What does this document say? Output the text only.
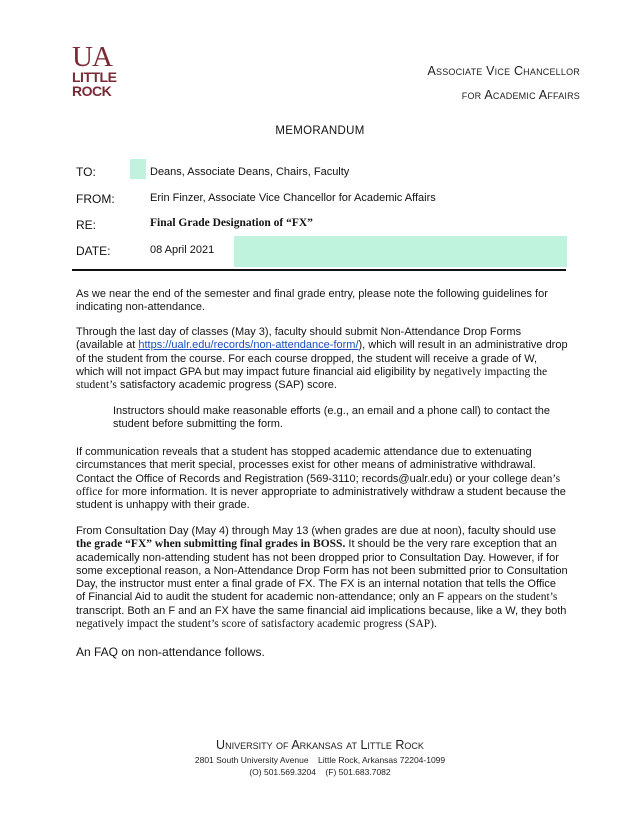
UA
LITTLE
ROCK
Associate Vice Chancellor
for Academic Affairs
MEMORANDUM
TO:	Deans, Associate Deans, Chairs, Faculty
FROM:	Erin Finzer, Associate Vice Chancellor for Academic Affairs
RE:	Final Grade Designation of “FX”
DATE:	08 April 2021
As we near the end of the semester and final grade entry, please note the following guidelines for indicating non-attendance.
Through the last day of classes (May 3), faculty should submit Non-Attendance Drop Forms (available at https://ualr.edu/records/non-attendance-form/), which will result in an administrative drop of the student from the course. For each course dropped, the student will receive a grade of W, which will not impact GPA but may impact future financial aid eligibility by negatively impacting the student’s satisfactory academic progress (SAP) score.
Instructors should make reasonable efforts (e.g., an email and a phone call) to contact the student before submitting the form.
If communication reveals that a student has stopped academic attendance due to extenuating circumstances that merit special, processes exist for other means of administrative withdrawal. Contact the Office of Records and Registration (569-3110; records@ualr.edu) or your college dean’s office for more information. It is never appropriate to administratively withdraw a student because the student is unhappy with their grade.
From Consultation Day (May 4) through May 13 (when grades are due at noon), faculty should use the grade “FX” when submitting final grades in BOSS. It should be the very rare exception that an academically non-attending student has not been dropped prior to Consultation Day. However, if for some exceptional reason, a Non-Attendance Drop Form has not been submitted prior to Consultation Day, the instructor must enter a final grade of FX. The FX is an internal notation that tells the Office of Financial Aid to audit the student for academic non-attendance; only an F appears on the student’s transcript. Both an F and an FX have the same financial aid implications because, like a W, they both negatively impact the student’s score of satisfactory academic progress (SAP).
An FAQ on non-attendance follows.
University of Arkansas at Little Rock
2801 South University Avenue    Little Rock, Arkansas 72204-1099
(O) 501.569.3204    (F) 501.683.7082
